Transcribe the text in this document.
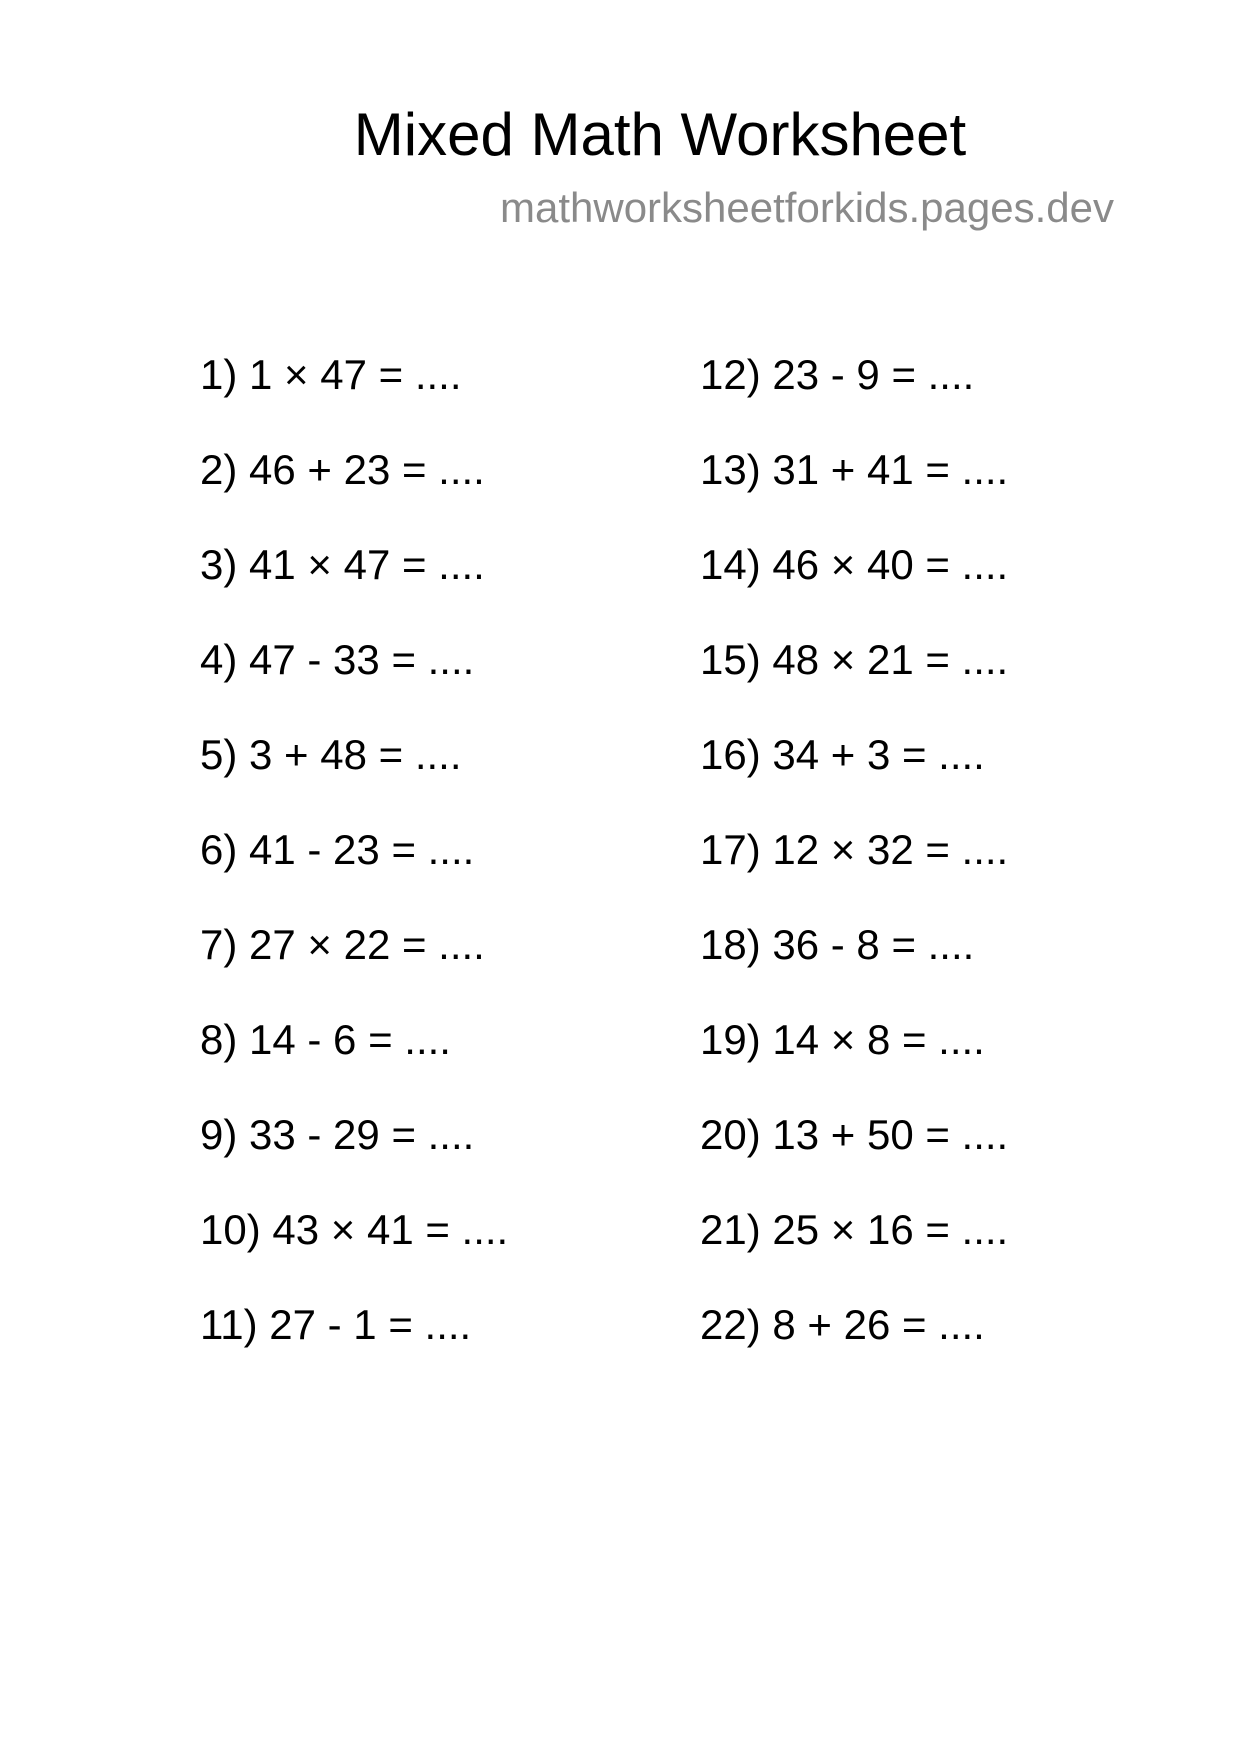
Mixed Math Worksheet
mathworksheetforkids.pages.dev
1) 1 × 47 = ....
2) 46 + 23 = ....
3) 41 × 47 = ....
4) 47 - 33 = ....
5) 3 + 48 = ....
6) 41 - 23 = ....
7) 27 × 22 = ....
8) 14 - 6 = ....
9) 33 - 29 = ....
10) 43 × 41 = ....
11) 27 - 1 = ....
12) 23 - 9 = ....
13) 31 + 41 = ....
14) 46 × 40 = ....
15) 48 × 21 = ....
16) 34 + 3 = ....
17) 12 × 32 = ....
18) 36 - 8 = ....
19) 14 × 8 = ....
20) 13 + 50 = ....
21) 25 × 16 = ....
22) 8 + 26 = ....
